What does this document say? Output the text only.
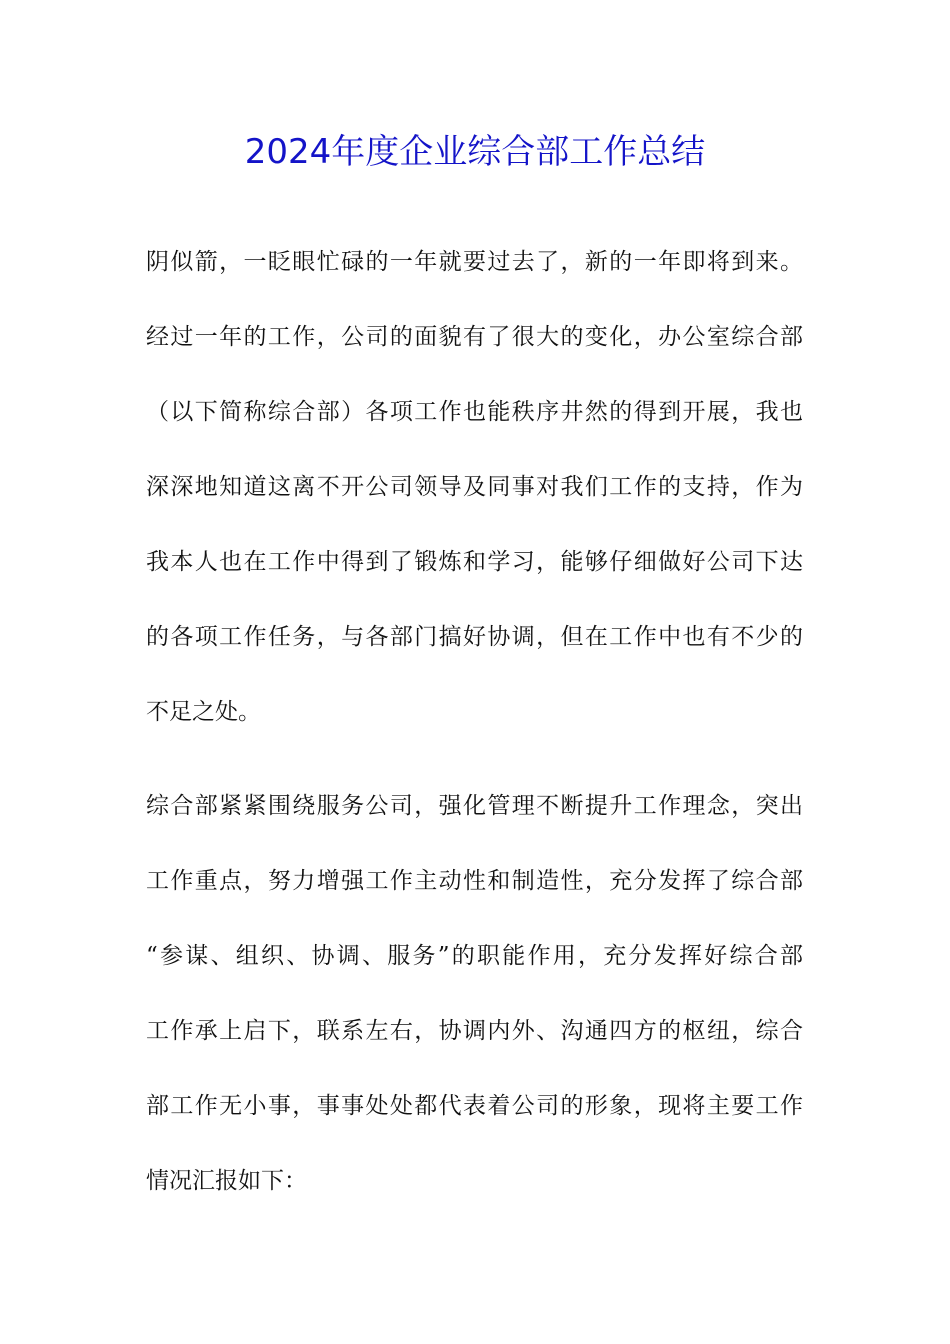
2024年度企业综合部工作总结
阴似箭，一眨眼忙碌的一年就要过去了，新的一年即将到来。
经过一年的工作，公司的面貌有了很大的变化，办公室综合部
（以下简称综合部）各项工作也能秩序井然的得到开展，我也
深深地知道这离不开公司领导及同事对我们工作的支持，作为
我本人也在工作中得到了锻炼和学习，能够仔细做好公司下达
的各项工作任务，与各部门搞好协调，但在工作中也有不少的
不足之处。
综合部紧紧围绕服务公司，强化管理不断提升工作理念，突出
工作重点，努力增强工作主动性和制造性，充分发挥了综合部
“参谋、组织、协调、服务”的职能作用，充分发挥好综合部
工作承上启下，联系左右，协调内外、沟通四方的枢纽，综合
部工作无小事，事事处处都代表着公司的形象，现将主要工作
情况汇报如下：
